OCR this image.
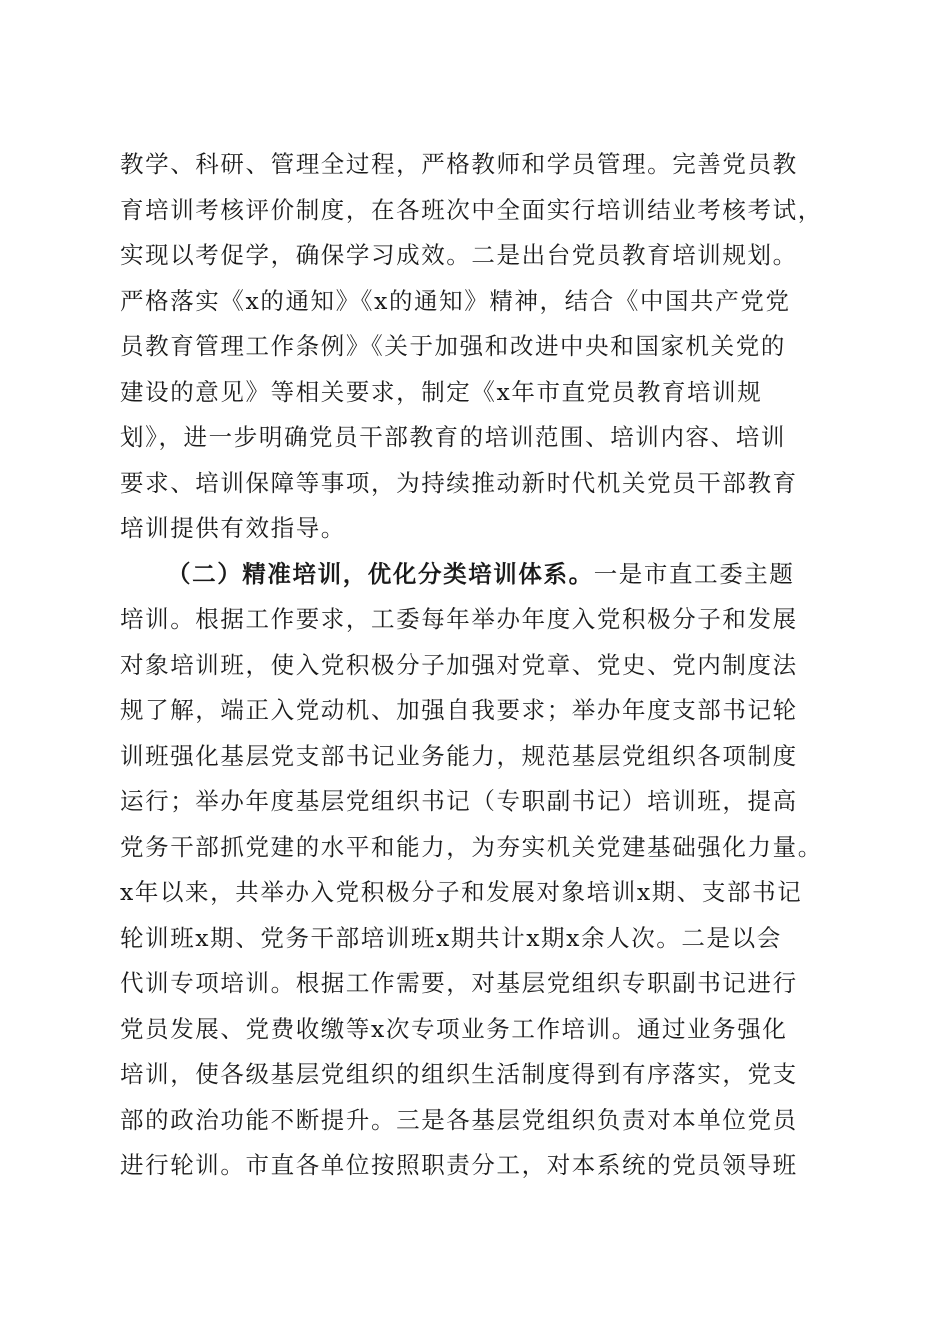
教学、科研、管理全过程，严格教师和学员管理。完善党员教
育培训考核评价制度，在各班次中全面实行培训结业考核考试，
实现以考促学，确保学习成效。二是出台党员教育培训规划。
严格落实《x的通知》《x的通知》精神，结合《中国共产党党
员教育管理工作条例》《关于加强和改进中央和国家机关党的
建设的意见》等相关要求，制定《x年市直党员教育培训规
划》，进一步明确党员干部教育的培训范围、培训内容、培训
要求、培训保障等事项，为持续推动新时代机关党员干部教育
培训提供有效指导。
（二）精准培训，优化分类培训体系。一是市直工委主题
培训。根据工作要求，工委每年举办年度入党积极分子和发展
对象培训班，使入党积极分子加强对党章、党史、党内制度法
规了解，端正入党动机、加强自我要求；举办年度支部书记轮
训班强化基层党支部书记业务能力，规范基层党组织各项制度
运行；举办年度基层党组织书记（专职副书记）培训班，提高
党务干部抓党建的水平和能力，为夯实机关党建基础强化力量。
x年以来，共举办入党积极分子和发展对象培训x期、支部书记
轮训班x期、党务干部培训班x期共计x期x余人次。二是以会
代训专项培训。根据工作需要，对基层党组织专职副书记进行
党员发展、党费收缴等x次专项业务工作培训。通过业务强化
培训，使各级基层党组织的组织生活制度得到有序落实，党支
部的政治功能不断提升。三是各基层党组织负责对本单位党员
进行轮训。市直各单位按照职责分工，对本系统的党员领导班
